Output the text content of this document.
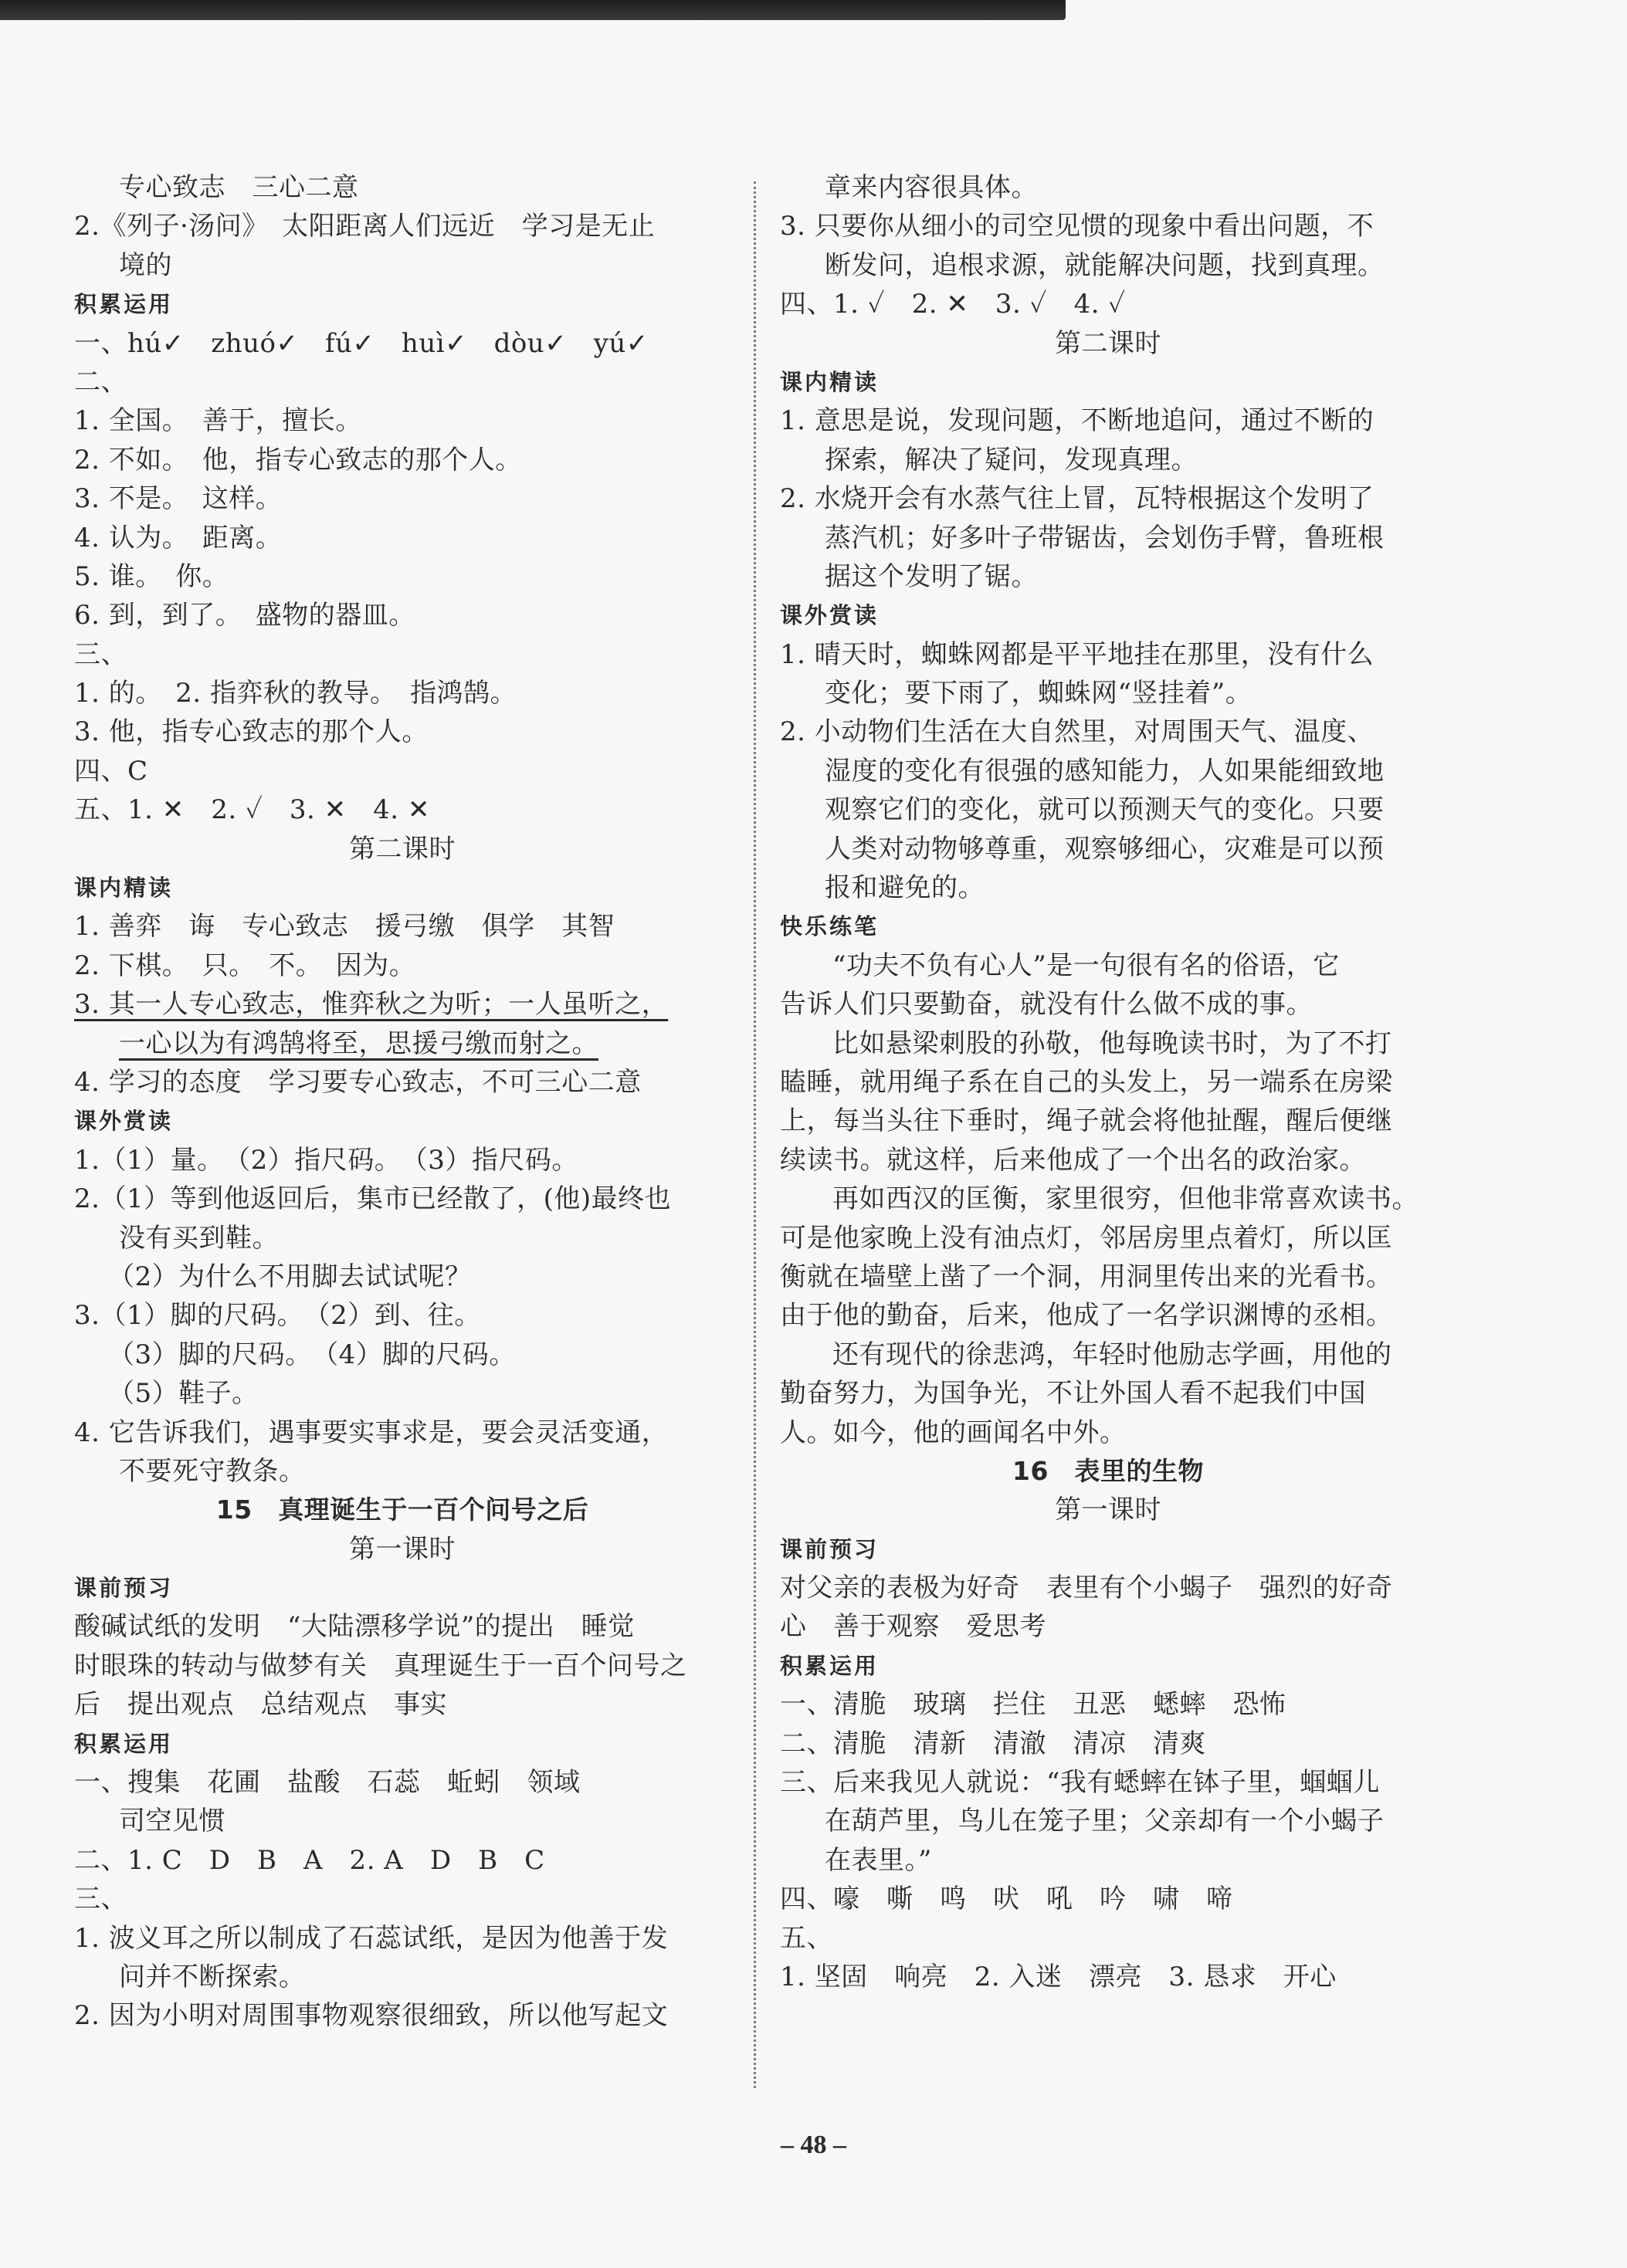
专心致志　三心二意
2.《列子·汤问》　太阳距离人们远近　学习是无止
境的
积累运用
一、hú✓　zhuó✓　fú✓　huì✓　dòu✓　yú✓
二、
1. 全国。　善于，擅长。
2. 不如。　他，指专心致志的那个人。
3. 不是。　这样。
4. 认为。　距离。
5. 谁。　你。
6. 到，到了。　盛物的器皿。
三、
1. 的。　2. 指弈秋的教导。　指鸿鹄。
3. 他，指专心致志的那个人。
四、C
五、1. ✕　2. ✓　3. ✕　4. ✕
第二课时
课内精读
1. 善弈　诲　专心致志　援弓缴　俱学　其智
2. 下棋。　只。　不。　因为。
3. 其一人专心致志，惟弈秋之为听；一人虽听之，
一心以为有鸿鹄将至，思援弓缴而射之。
4. 学习的态度　学习要专心致志，不可三心二意
课外赏读
1.（1）量。　（2）指尺码。　（3）指尺码。
2.（1）等到他返回后，集市已经散了，(他)最终也
没有买到鞋。
（2）为什么不用脚去试试呢？
3.（1）脚的尺码。　（2）到、往。
（3）脚的尺码。　（4）脚的尺码。
（5）鞋子。
4. 它告诉我们，遇事要实事求是，要会灵活变通，
不要死守教条。
15　真理诞生于一百个问号之后
第一课时
课前预习
酸碱试纸的发明　“大陆漂移学说”的提出　睡觉
时眼珠的转动与做梦有关　真理诞生于一百个问号之
后　提出观点　总结观点　事实
积累运用
一、搜集　花圃　盐酸　石蕊　蚯蚓　领域
司空见惯
二、1. C　D　B　A　2. A　D　B　C
三、
1. 波义耳之所以制成了石蕊试纸，是因为他善于发
问并不断探索。
2. 因为小明对周围事物观察很细致，所以他写起文
章来内容很具体。
3. 只要你从细小的司空见惯的现象中看出问题，不
断发问，追根求源，就能解决问题，找到真理。
四、1. ✓　2. ✕　3. ✓　4. ✓
第二课时
课内精读
1. 意思是说，发现问题，不断地追问，通过不断的
探索，解决了疑问，发现真理。
2. 水烧开会有水蒸气往上冒，瓦特根据这个发明了
蒸汽机；好多叶子带锯齿，会划伤手臂，鲁班根
据这个发明了锯。
课外赏读
1. 晴天时，蜘蛛网都是平平地挂在那里，没有什么
变化；要下雨了，蜘蛛网“竖挂着”。
2. 小动物们生活在大自然里，对周围天气、温度、
湿度的变化有很强的感知能力，人如果能细致地
观察它们的变化，就可以预测天气的变化。只要
人类对动物够尊重，观察够细心，灾难是可以预
报和避免的。
快乐练笔
“功夫不负有心人”是一句很有名的俗语，它
告诉人们只要勤奋，就没有什么做不成的事。
比如悬梁刺股的孙敬，他每晚读书时，为了不打
瞌睡，就用绳子系在自己的头发上，另一端系在房梁
上，每当头往下垂时，绳子就会将他扯醒，醒后便继
续读书。就这样，后来他成了一个出名的政治家。
再如西汉的匡衡，家里很穷，但他非常喜欢读书。
可是他家晚上没有油点灯，邻居房里点着灯，所以匡
衡就在墙壁上凿了一个洞，用洞里传出来的光看书。
由于他的勤奋，后来，他成了一名学识渊博的丞相。
还有现代的徐悲鸿，年轻时他励志学画，用他的
勤奋努力，为国争光，不让外国人看不起我们中国
人。如今，他的画闻名中外。
16　表里的生物
第一课时
课前预习
对父亲的表极为好奇　表里有个小蝎子　强烈的好奇
心　善于观察　爱思考
积累运用
一、清脆　玻璃　拦住　丑恶　蟋蟀　恐怖
二、清脆　清新　清澈　清凉　清爽
三、后来我见人就说：“我有蟋蟀在钵子里，蝈蝈儿
在葫芦里，鸟儿在笼子里；父亲却有一个小蝎子
在表里。”
四、嚎　嘶　鸣　吠　吼　吟　啸　啼
五、
1. 坚固　响亮　2. 入迷　漂亮　3. 恳求　开心
– 48 –
